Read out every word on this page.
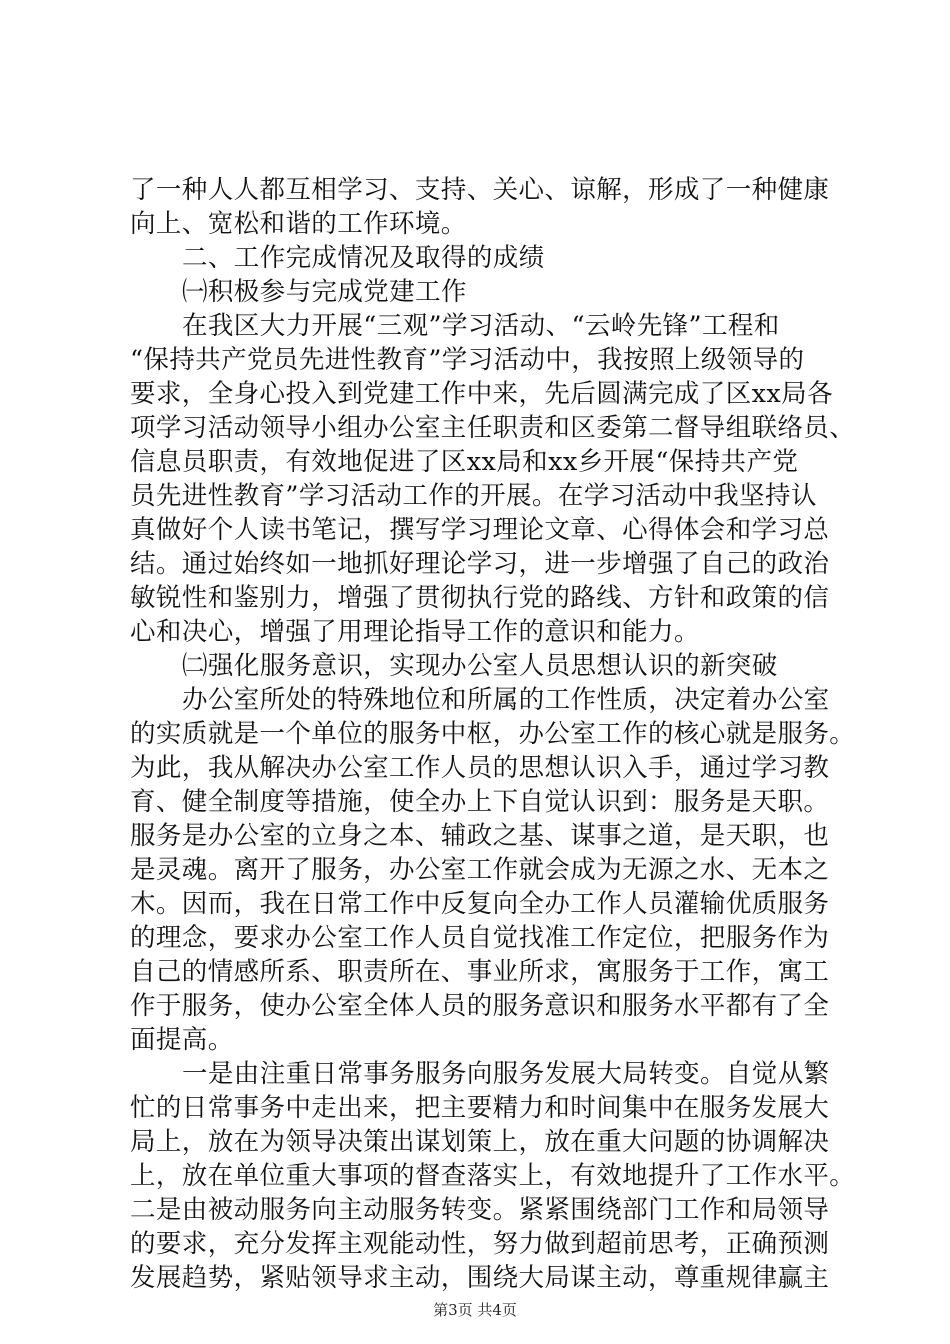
了一种人人都互相学习、支持、关心、谅解，形成了一种健康
向上、宽松和谐的工作环境。
二、工作完成情况及取得的成绩
㈠积极参与完成党建工作
在我区大力开展“三观”学习活动、“云岭先锋”工程和
“保持共产党员先进性教育”学习活动中，我按照上级领导的
要求，全身心投入到党建工作中来，先后圆满完成了区xx局各
项学习活动领导小组办公室主任职责和区委第二督导组联络员、
信息员职责，有效地促进了区xx局和xx乡开展“保持共产党
员先进性教育”学习活动工作的开展。在学习活动中我坚持认
真做好个人读书笔记，撰写学习理论文章、心得体会和学习总
结。通过始终如一地抓好理论学习，进一步增强了自己的政治
敏锐性和鉴别力，增强了贯彻执行党的路线、方针和政策的信
心和决心，增强了用理论指导工作的意识和能力。
㈡强化服务意识，实现办公室人员思想认识的新突破
办公室所处的特殊地位和所属的工作性质，决定着办公室
的实质就是一个单位的服务中枢，办公室工作的核心就是服务。
为此，我从解决办公室工作人员的思想认识入手，通过学习教
育、健全制度等措施，使全办上下自觉认识到：服务是天职。
服务是办公室的立身之本、辅政之基、谋事之道，是天职，也
是灵魂。离开了服务，办公室工作就会成为无源之水、无本之
木。因而，我在日常工作中反复向全办工作人员灌输优质服务
的理念，要求办公室工作人员自觉找准工作定位，把服务作为
自己的情感所系、职责所在、事业所求，寓服务于工作，寓工
作于服务，使办公室全体人员的服务意识和服务水平都有了全
面提高。
一是由注重日常事务服务向服务发展大局转变。自觉从繁
忙的日常事务中走出来，把主要精力和时间集中在服务发展大
局上，放在为领导决策出谋划策上，放在重大问题的协调解决
上，放在单位重大事项的督查落实上，有效地提升了工作水平。
二是由被动服务向主动服务转变。紧紧围绕部门工作和局领导
的要求，充分发挥主观能动性，努力做到超前思考，正确预测
发展趋势，紧贴领导求主动，围绕大局谋主动，尊重规律赢主
第3页 共4页
